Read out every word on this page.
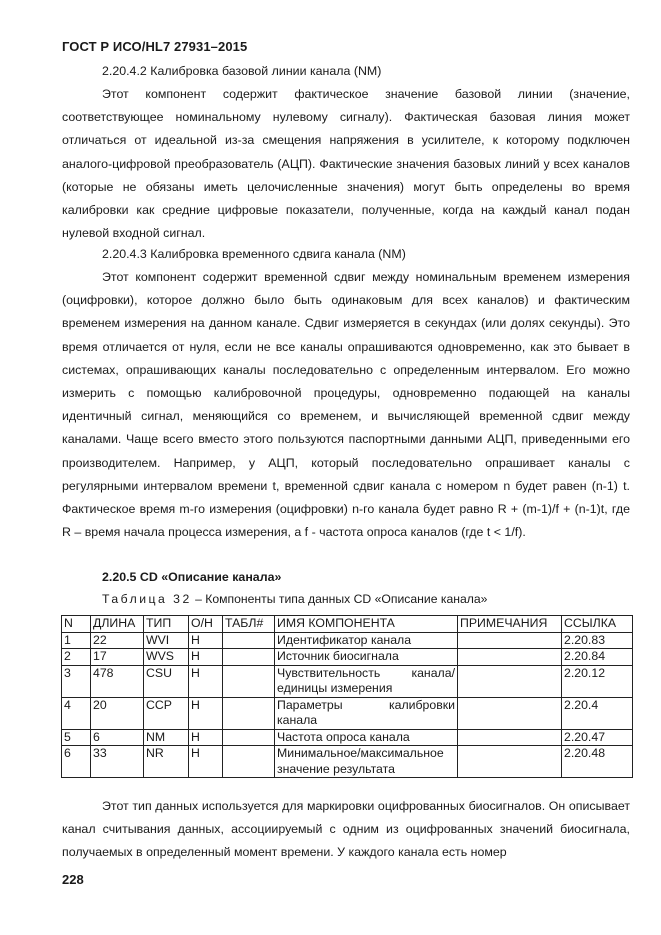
ГОСТ Р ИСО/HL7 27931–2015
2.20.4.2 Калибровка базовой линии канала (NM)

Этот компонент содержит фактическое значение базовой линии (значение, соответствующее номинальному нулевому сигналу). Фактическая базовая линия может отличаться от идеальной из-за смещения напряжения в усилителе, к которому подключен аналого-цифровой преобразователь (АЦП). Фактические значения базовых линий у всех каналов (которые не обязаны иметь целочисленные значения) могут быть определены во время калибровки как средние цифровые показатели, полученные, когда на каждый канал подан нулевой входной сигнал.

2.20.4.3 Калибровка временного сдвига канала (NM)

Этот компонент содержит временной сдвиг между номинальным временем измерения (оцифровки), которое должно было быть одинаковым для всех каналов) и фактическим временем измерения на данном канале. Сдвиг измеряется в секундах (или долях секунды). Это время отличается от нуля, если не все каналы опрашиваются одновременно, как это бывает в системах, опрашивающих каналы последовательно с определенным интервалом. Его можно измерить с помощью калибровочной процедуры, одновременно подающей на каналы идентичный сигнал, меняющийся со временем, и вычисляющей временной сдвиг между каналами. Чаще всего вместо этого пользуются паспортными данными АЦП, приведенными его производителем. Например, у АЦП, который последовательно опрашивает каналы с регулярными интервалом времени t, временной сдвиг канала с номером n будет равен (n-1) t. Фактическое время m-го измерения (оцифровки) n-го канала будет равно R + (m-1)/f + (n-1)t, где R – время начала процесса измерения, а f - частота опроса каналов (где t < 1/f).

2.20.5 CD «Описание канала»
Таблица 32 – Компоненты типа данных CD «Описание канала»
N	ДЛИНА	ТИП	О/Н	ТАБЛ#	ИМЯ КОМПОНЕНТА	ПРИМЕЧАНИЯ	ССЫЛКА
1	22	WVI	H		Идентификатор канала		2.20.83
2	17	WVS	H		Источник биосигнала		2.20.84
3	478	CSU	H		Чувствительность канала/единицы измерения		2.20.12
4	20	CCP	H		Параметры калибровки канала		2.20.4
5	6	NM	H		Частота опроса канала		2.20.47
6	33	NR	H		Минимальное/максимальное значение результата		2.20.48

Этот тип данных используется для маркировки оцифрованных биосигналов. Он описывает канал считывания данных, ассоциируемый с одним из оцифрованных значений биосигнала, получаемых в определенный момент времени. У каждого канала есть номер

228
